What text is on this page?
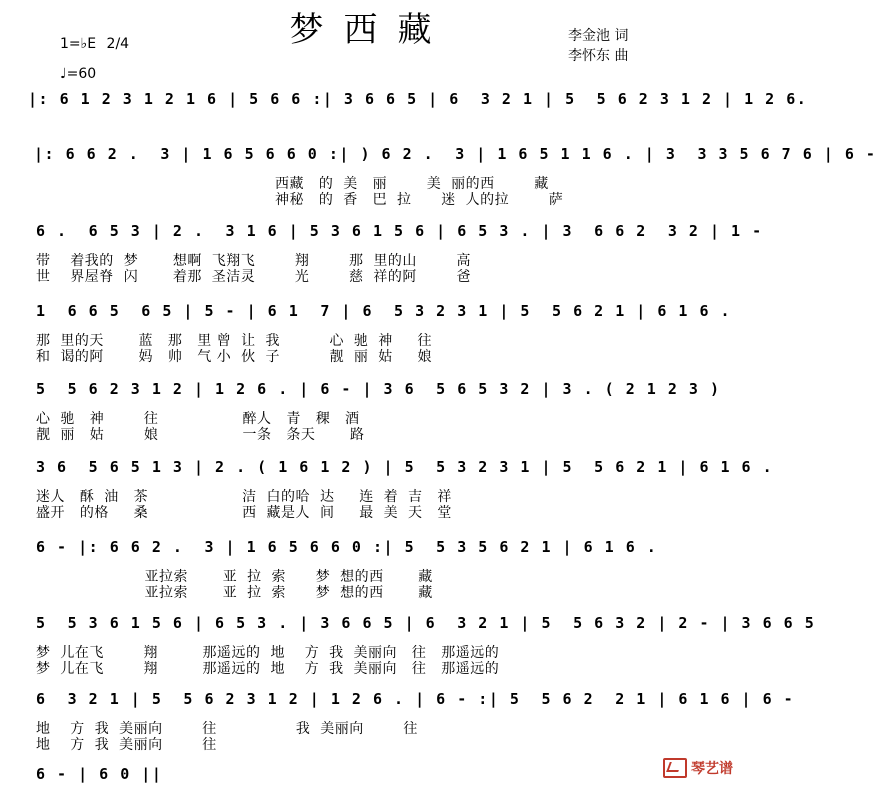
梦西藏
1=♭E 2/4
♩=60
李金池 词
李怀东 曲
|: 6 1 2 3 1 2 1 6 | 5 6 6 :| 3 6 6 5 | 6  3 2 1 | 5  5 6 2 3 1 2 | 1 2 6.
|: 6 6 2 .  3 | 1 6 5 6 6 0 :| ) 6 2 .  3 | 1 6 5 1 1 6 . | 3  3 3 5 6 7 6 | 6 -
西藏   的  美   丽        美  丽的西        藏
神秘   的  香   巴  拉      迷  人的拉        萨
6 .  6 5 3 | 2 .  3 1 6 | 5 3 6 1 5 6 | 6 5 3 . | 3  6 6 2  3 2 | 1 -
带    着我的  梦       想啊  飞翔飞        翔        那  里的山        高
世    界屋脊  闪       着那  圣洁灵        光        慈  祥的阿        爸
1  6 6 5  6 5 | 5 - | 6 1  7 | 6  5 3 2 3 1 | 5  5 6 2 1 | 6 1 6 .
那  里的天       蓝   那   里 曾  让  我          心  驰  神     往
和  谒的阿       妈   帅   气 小  伙  子          靓  丽  姑     娘
5  5 6 2 3 1 2 | 1 2 6 . | 6 - | 3 6  5 6 5 3 2 | 3 . ( 2 1 2 3 )
心  驰   神        往                 醉人   青   稞   酒
靓  丽   姑        娘                 一条   条天       路
3 6  5 6 5 1 3 | 2 . ( 1 6 1 2 ) | 5  5 3 2 3 1 | 5  5 6 2 1 | 6 1 6 .
迷人   酥  油   茶                   洁  白的哈  达     连  着  吉   祥
盛开   的格     桑                   西  藏是人  间     最  美  天   堂
6 - |: 6 6 2 .  3 | 1 6 5 6 6 0 :| 5  5 3 5 6 2 1 | 6 1 6 .
亚拉索       亚  拉  索      梦  想的西       藏
亚拉索       亚  拉  索      梦  想的西       藏
5  5 3 6 1 5 6 | 6 5 3 . | 3 6 6 5 | 6  3 2 1 | 5  5 6 3 2 | 2 - | 3 6 6 5
梦  儿在飞        翔         那遥远的  地    方  我  美丽向   往   那遥远的
梦  儿在飞        翔         那遥远的  地    方  我  美丽向   往   那遥远的
6  3 2 1 | 5  5 6 2 3 1 2 | 1 2 6 . | 6 - :| 5  5 6 2  2 1 | 6 1 6 | 6 -
地    方  我  美丽向        往                我  美丽向        往
地    方  我  美丽向        往
6 - | 6 0 ||	琴艺谱
